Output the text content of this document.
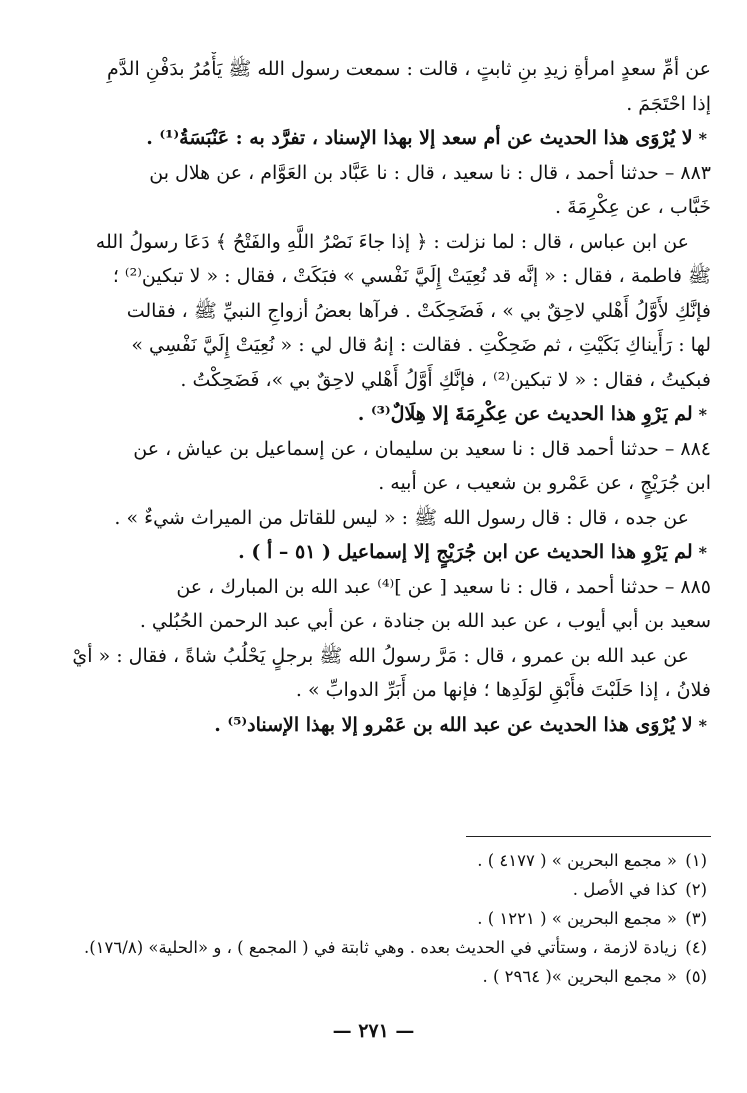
عن أمِّ سعدٍ امرأةِ زيدِ بنِ ثابتٍ ، قالت : سمعت رسول الله ﷺ يَأْمُرُ بدَفْنِ الدَّمِ
إذا احْتَجَمَ .
*لا يُرْوَى هذا الحديث عن أم سعد إلا بهذا الإسناد ، تفرَّد به : عَنْبَسَةُ⁽¹⁾ .
٨٨٣ – حدثنا أحمد ، قال : نا سعيد ، قال : نا عَبَّاد بن العَوَّام ، عن هلال بن
خَبَّاب ، عن عِكْرِمَةَ .
عن ابن عباس ، قال : لما نزلت : ﴿ إذا جاءَ نَصْرُ اللَّهِ والفَتْحُ ﴾ دَعَا رسولُ الله
ﷺ فاطمة ، فقال : « إنَّه قد نُعِيَتْ إِلَيَّ نَفْسي » فبَكَتْ ، فقال : « لا تبكين⁽²⁾ ؛
فإنَّكِ لأَوَّلُ أَهْلي لاحِقٌ بي » ، فَضَحِكَتْ . فرآها بعضُ أزواجِ النبيِّ ﷺ ، فقالت
لها : رَأَيناكِ بَكَيْتِ ، ثم ضَحِكْتِ . فقالت : إنهُ قال لي : « نُعِيَتْ إِلَيَّ نَفْسِي »
فبكيتُ ، فقال : « لا تبكين⁽²⁾ ، فإنَّكِ أَوَّلُ أَهْلي لاحِقٌ بي »، فَضَحِكْتُ .
*لم يَرْوِ هذا الحديث عن عِكْرِمَةَ إلا هِلَالٌ⁽³⁾ .
٨٨٤ – حدثنا أحمد قال : نا سعيد بن سليمان ، عن إسماعيل بن عياش ، عن
ابن جُرَيْجٍ ، عن عَمْرو بن شعيب ، عن أبيه .
عن جده ، قال : قال رسول الله ﷺ : « ليس للقاتل من الميراث شيءٌ » .
*لم يَرْوِ هذا الحديث عن ابن جُرَيْجٍ إلا إسماعيل ( ٥١ – أ ) .
٨٨٥ – حدثنا أحمد ، قال : نا سعيد [ عن ]⁽⁴⁾ عبد الله بن المبارك ، عن
سعيد بن أبي أيوب ، عن عبد الله بن جنادة ، عن أبي عبد الرحمن الحُبُلي .
عن عبد الله بن عمرو ، قال : مَرَّ رسولُ الله ﷺ برجلٍ يَحْلُبُ شاةً ، فقال : « أيْ
فلانُ ، إذا حَلَبْتَ فأَبْقِ لوَلَدِها ؛ فإنها من أَبَرِّ الدوابِّ » .
*لا يُرْوَى هذا الحديث عن عبد الله بن عَمْرو إلا بهذا الإسناد⁽⁵⁾ .
(١)« مجمع البحرين » ( ٤١٧٧ ) .
(٢)كذا في الأصل .
(٣)« مجمع البحرين » ( ١٢٢١ ) .
(٤)زيادة لازمة ، وستأتي في الحديث بعده . وهي ثابتة في ( المجمع ) ، و «الحلية» (١٧٦/٨).
(٥)« مجمع البحرين »( ٢٩٦٤ ) .
— ٢٧١ —
